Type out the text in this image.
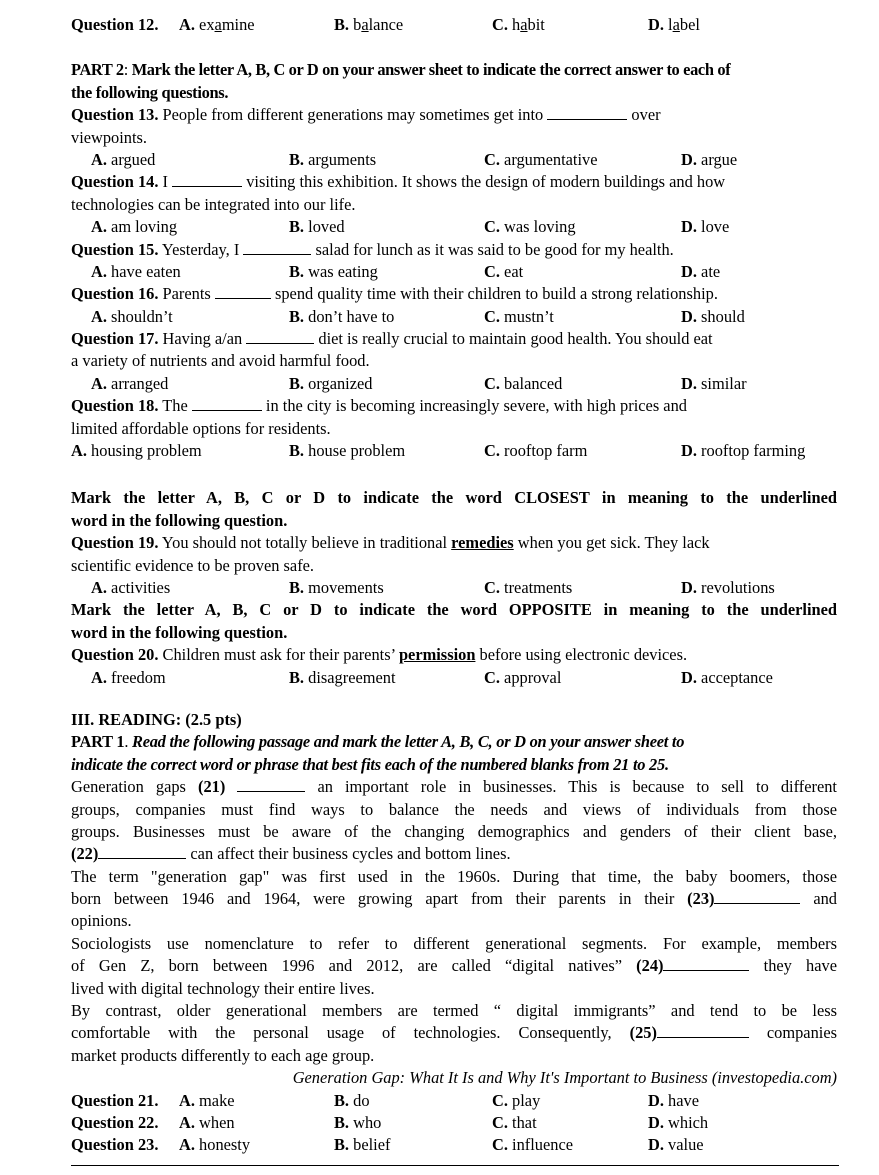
Question 12. A. examine	B. balance	C. habit	D. label
PART 2: Mark the letter A, B, C or D on your answer sheet to indicate the correct answer to each of
the following questions.
Question 13. People from different generations may sometimes get into	over
viewpoints.
A. argued	B. arguments	C. argumentative	D. argue
Question 14. I	visiting this exhibition. It shows the design of modern buildings and how
technologies can be integrated into our life.
A. am loving	B. loved	C. was loving	D. love
Question 15. Yesterday, I	salad for lunch as it was said to be good for my health.
A. have eaten	B. was eating	C. eat	D. ate
Question 16. Parents	spend quality time with their children to build a strong relationship.
A. shouldn’t	B. don’t have to	C. mustn’t	D. should
Question 17. Having a/an	diet is really crucial to maintain good health. You should eat
a variety of nutrients and avoid harmful food.
A. arranged	B. organized	C. balanced	D. similar
Question 18. The	in the city is becoming increasingly severe, with high prices and
limited affordable options for residents.
A. housing problem	B. house problem	C. rooftop farm	D. rooftop farming
Mark the letter A, B, C or D to indicate the word CLOSEST in meaning to the underlined
word in the following question.
Question 19. You should not totally believe in traditional remedies when you get sick. They lack
scientific evidence to be proven safe.
A. activities	B. movements	C. treatments	D. revolutions
Mark the letter A, B, C or D to indicate the word OPPOSITE in meaning to the underlined
word in the following question.
Question 20. Children must ask for their parents’ permission before using electronic devices.
A. freedom	B. disagreement	C. approval	D. acceptance
III. READING: (2.5 pts)
PART 1. Read the following passage and mark the letter A, B, C, or D on your answer sheet to
indicate the correct word or phrase that best fits each of the numbered blanks from 21 to 25.
Generation gaps (21)	an important role in businesses. This is because to sell to different
groups, companies must find ways to balance the needs and views of individuals from those
groups. Businesses must be aware of the changing demographics and genders of their client base,
(22)	can affect their business cycles and bottom lines.
The term "generation gap" was first used in the 1960s. During that time, the baby boomers, those
born between 1946 and 1964, were growing apart from their parents in their (23)	and
opinions.
Sociologists use nomenclature to refer to different generational segments. For example, members
of Gen Z, born between 1996 and 2012, are called “digital natives” (24)	they have
lived with digital technology their entire lives.
By contrast, older generational members are termed “ digital immigrants” and tend to be less
comfortable with the personal usage of technologies. Consequently, (25)	companies
market products differently to each age group.
Generation Gap: What It Is and Why It's Important to Business (investopedia.com)
Question 21. A. make	B. do	C. play	D. have
Question 22. A. when	B. who	C. that	D. which
Question 23. A. honesty	B. belief	C. influence	D. value
